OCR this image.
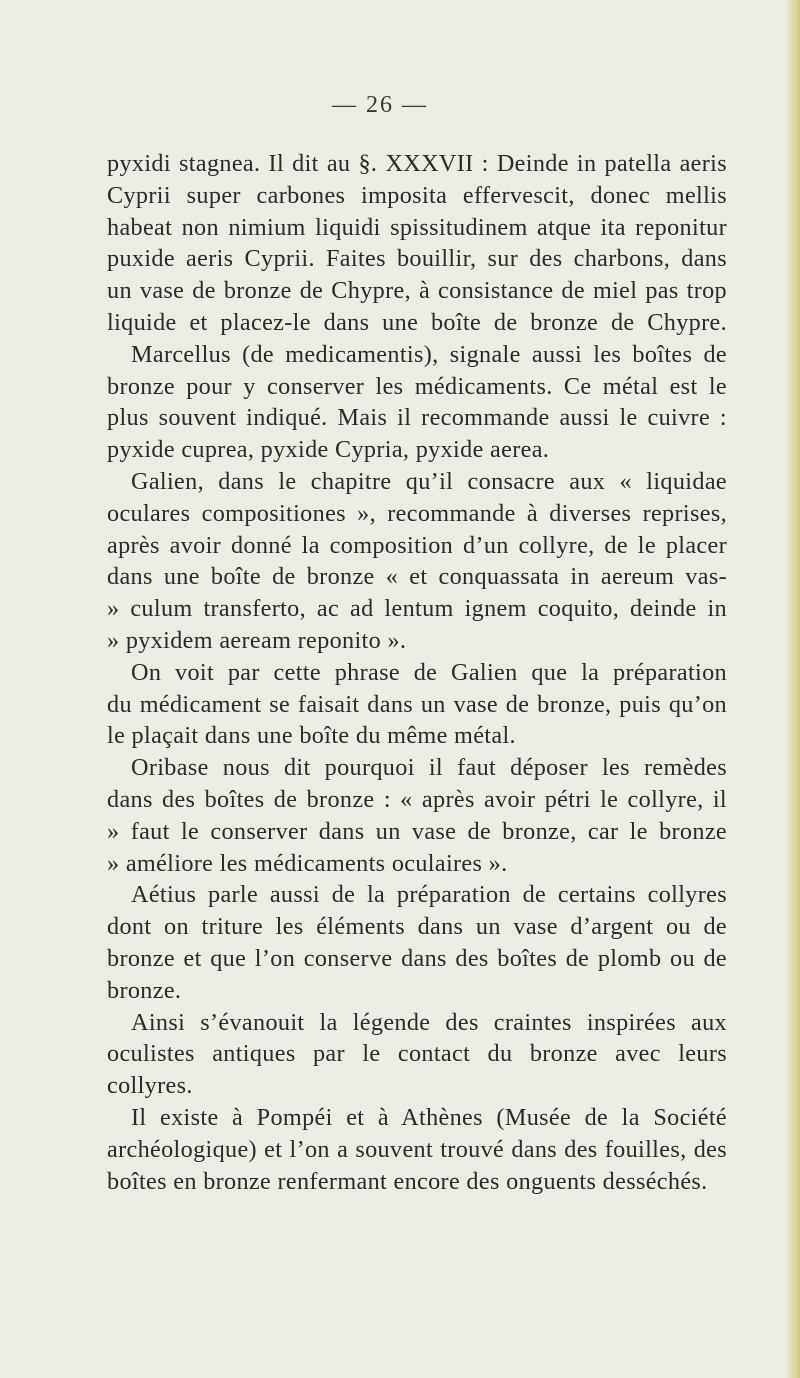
— 26 —
pyxidi stagnea. Il dit au §. XXXVII : Deinde in patella aeris
Cyprii super carbones imposita effervescit, donec mellis
habeat non nimium liquidi spissitudinem atque ita reponitur
puxide aeris Cyprii. Faites bouillir, sur des charbons, dans
un vase de bronze de Chypre, à consistance de miel pas trop
liquide et placez-le dans une boîte de bronze de Chypre.
Marcellus (de medicamentis), signale aussi les boîtes de
bronze pour y conserver les médicaments. Ce métal est le
plus souvent indiqué. Mais il recommande aussi le cuivre :
pyxide cuprea, pyxide Cypria, pyxide aerea.
Galien, dans le chapitre qu’il consacre aux « liquidae
oculares compositiones », recommande à diverses reprises,
après avoir donné la composition d’un collyre, de le placer
dans une boîte de bronze « et conquassata in aereum vas-
» culum transferto, ac ad lentum ignem coquito, deinde in
» pyxidem aeream reponito ».
On voit par cette phrase de Galien que la préparation
du médicament se faisait dans un vase de bronze, puis qu’on
le plaçait dans une boîte du même métal.
Oribase nous dit pourquoi il faut déposer les remèdes
dans des boîtes de bronze : « après avoir pétri le collyre, il
» faut le conserver dans un vase de bronze, car le bronze
» améliore les médicaments oculaires ».
Aétius parle aussi de la préparation de certains collyres
dont on triture les éléments dans un vase d’argent ou de
bronze et que l’on conserve dans des boîtes de plomb ou de
bronze.
Ainsi s’évanouit la légende des craintes inspirées aux
oculistes antiques par le contact du bronze avec leurs
collyres.
Il existe à Pompéi et à Athènes (Musée de la Société
archéologique) et l’on a souvent trouvé dans des fouilles, des
boîtes en bronze renfermant encore des onguents desséchés.
